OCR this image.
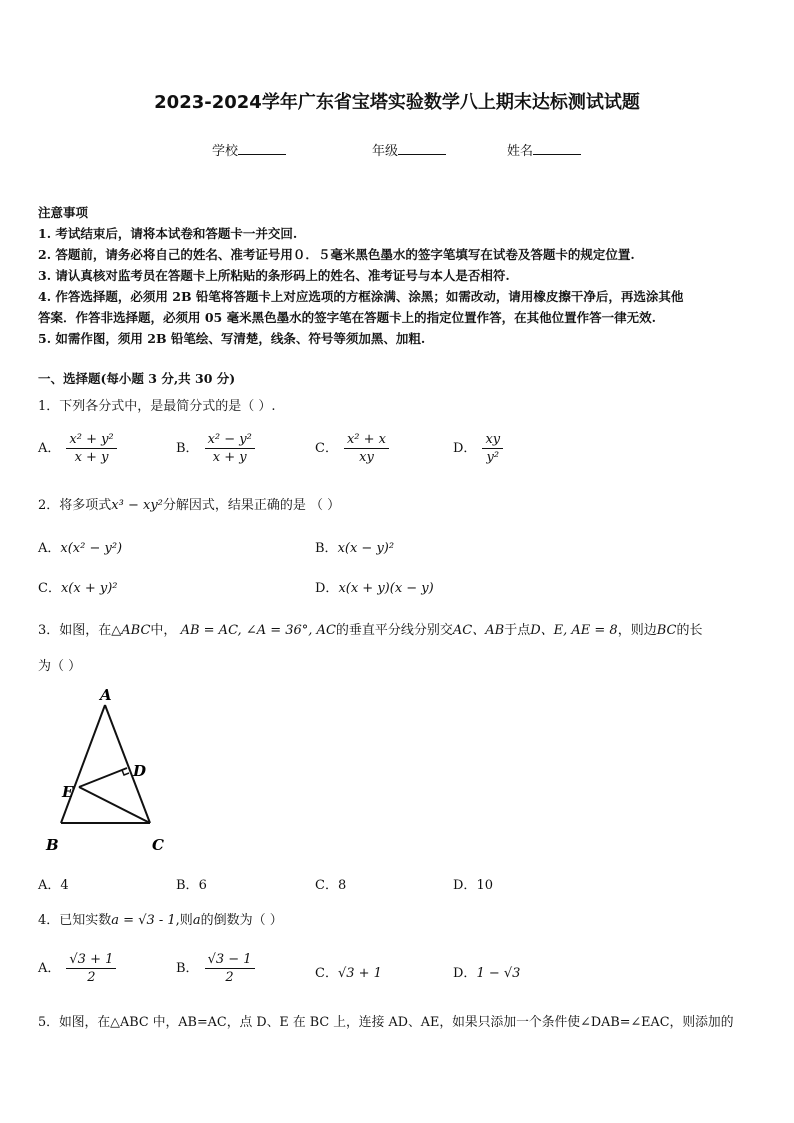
2023-2024学年广东省宝塔实验数学八上期末达标测试试题
学校	年级	姓名
注意事项
1. 考试结束后，请将本试卷和答题卡一并交回.
2. 答题前，请务必将自己的姓名、准考证号用０．５毫米黑色墨水的签字笔填写在试卷及答题卡的规定位置.
3. 请认真核对监考员在答题卡上所粘贴的条形码上的姓名、准考证号与本人是否相符.
4. 作答选择题，必须用 2B 铅笔将答题卡上对应选项的方框涂满、涂黑；如需改动，请用橡皮擦干净后，再选涂其他
答案．作答非选择题，必须用 05 毫米黑色墨水的签字笔在答题卡上的指定位置作答，在其他位置作答一律无效.
5. 如需作图，须用 2B 铅笔绘、写清楚，线条、符号等须加黑、加粗.
一、选择题(每小题 3 分,共 30 分)
1．下列各分式中，是最简分式的是（ ）.
A． $\frac{\text{x² + y²}}{x + y}$	B． $\frac{\text{x² − y²}}{x + y}$	C． $\frac{\text{x² + x}}{xy}$	D． $\frac{xy}{\text{y²}}$
2．将多项式x³ − xy²分解因式，结果正确的是 （ ）
A．x(x² − y²)	B．x(x − y)²
C．x(x + y)²	D．x(x + y)(x − y)
3．如图，在△ABC中， AB = AC, ∠A = 36°, AC的垂直平分线分别交AC、AB于点D、E, AE = 8，则边BC的长
为（ ）
A
B	C
D
E
A．4	B．6	C．8	D．10
4．已知实数a = √3 - 1,则a的倒数为（ ）
A． $\frac{√3 + 1}{2}$	B． $\frac{√3 - 1}{2}$	C．√3 + 1	D．1 − √3
5．如图，在△ABC 中，AB=AC，点 D、E 在 BC 上，连接 AD、AE，如果只添加一个条件使∠DAB=∠EAC，则添加的
